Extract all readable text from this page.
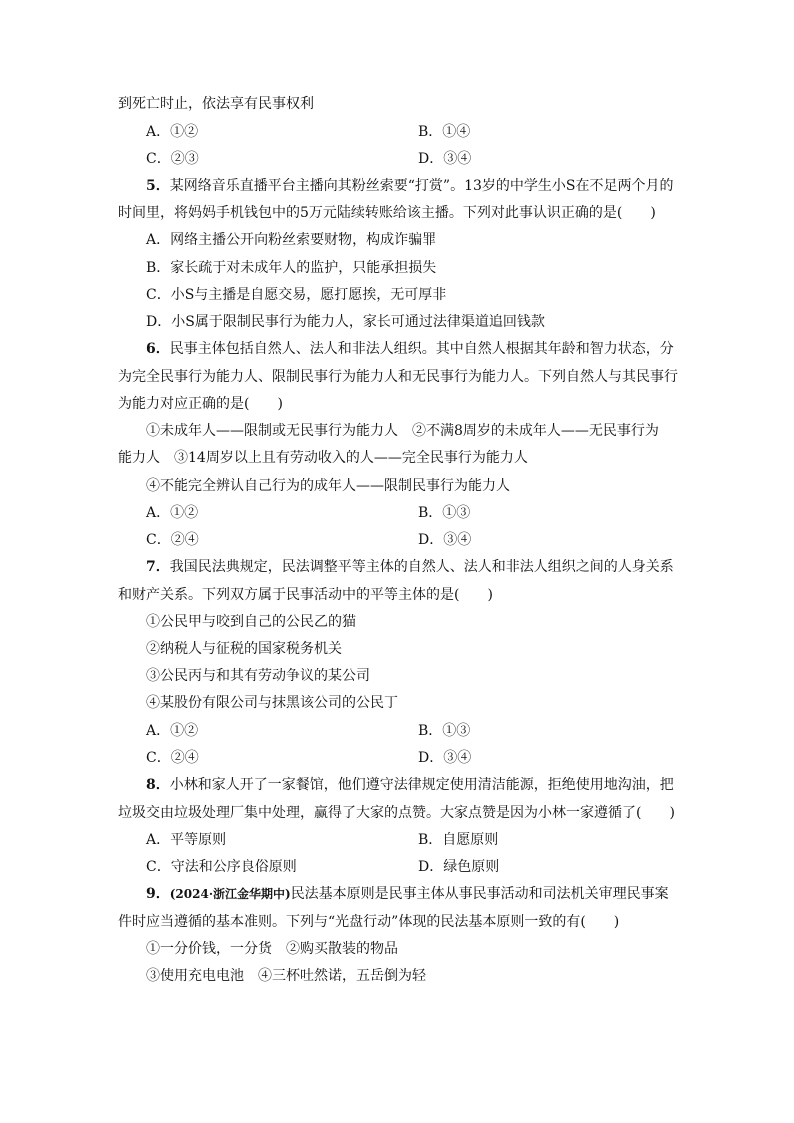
到死亡时止，依法享有民事权利
A．①②	B．①④
C．②③	D．③④
5．某网络音乐直播平台主播向其粉丝索要“打赏”。13岁的中学生小S在不足两个月的
时间里，将妈妈手机钱包中的5万元陆续转账给该主播。下列对此事认识正确的是(　　)
A．网络主播公开向粉丝索要财物，构成诈骗罪
B．家长疏于对未成年人的监护，只能承担损失
C．小S与主播是自愿交易，愿打愿挨，无可厚非
D．小S属于限制民事行为能力人，家长可通过法律渠道追回钱款
6．民事主体包括自然人、法人和非法人组织。其中自然人根据其年龄和智力状态，分
为完全民事行为能力人、限制民事行为能力人和无民事行为能力人。下列自然人与其民事行
为能力对应正确的是(　　)
①未成年人——限制或无民事行为能力人　②不满8周岁的未成年人——无民事行为
能力人　③14周岁以上且有劳动收入的人——完全民事行为能力人
④不能完全辨认自己行为的成年人——限制民事行为能力人
A．①②	B．①③
C．②④	D．③④
7．我国民法典规定，民法调整平等主体的自然人、法人和非法人组织之间的人身关系
和财产关系。下列双方属于民事活动中的平等主体的是(　　)
①公民甲与咬到自己的公民乙的猫
②纳税人与征税的国家税务机关
③公民丙与和其有劳动争议的某公司
④某股份有限公司与抹黑该公司的公民丁
A．①②	B．①③
C．②④	D．③④
8．小林和家人开了一家餐馆，他们遵守法律规定使用清洁能源，拒绝使用地沟油，把
垃圾交由垃圾处理厂集中处理，赢得了大家的点赞。大家点赞是因为小林一家遵循了(　　)
A．平等原则	B．自愿原则
C．守法和公序良俗原则	D．绿色原则
9．(2024·浙江金华期中)民法基本原则是民事主体从事民事活动和司法机关审理民事案
件时应当遵循的基本准则。下列与“光盘行动”体现的民法基本原则一致的有(　　)
①一分价钱，一分货　②购买散装的物品
③使用充电电池　④三杯吐然诺，五岳倒为轻
